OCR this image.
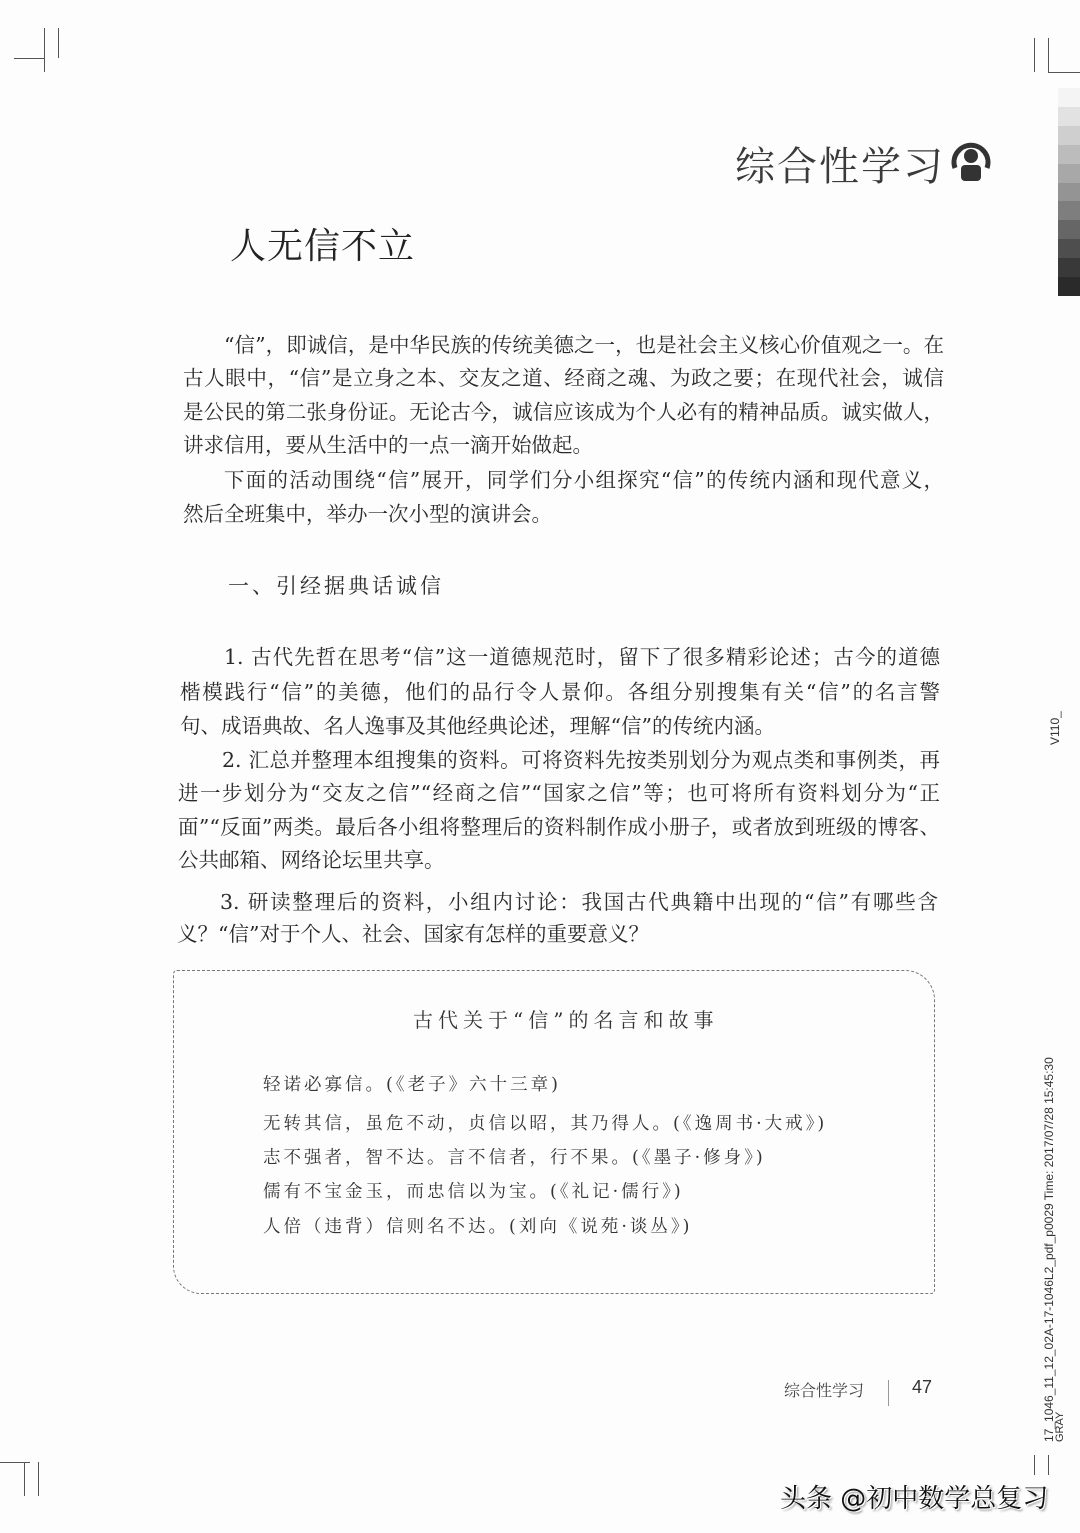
综合性学习
人无信不立
“信”，即诚信，是中华民族的传统美德之一，也是社会主义核心价值观之一。在
古人眼中，“信”是立身之本、交友之道、经商之魂、为政之要；在现代社会，诚信
是公民的第二张身份证。无论古今，诚信应该成为个人必有的精神品质。诚实做人，
讲求信用，要从生活中的一点一滴开始做起。
下面的活动围绕“信”展开，同学们分小组探究“信”的传统内涵和现代意义，
然后全班集中，举办一次小型的演讲会。
一、引经据典话诚信
1. 古代先哲在思考“信”这一道德规范时，留下了很多精彩论述；古今的道德
楷模践行“信”的美德，他们的品行令人景仰。各组分别搜集有关“信”的名言警
句、成语典故、名人逸事及其他经典论述，理解“信”的传统内涵。
2. 汇总并整理本组搜集的资料。可将资料先按类别划分为观点类和事例类，再
进一步划分为“交友之信”“经商之信”“国家之信”等；也可将所有资料划分为“正
面”“反面”两类。最后各小组将整理后的资料制作成小册子，或者放到班级的博客、
公共邮箱、网络论坛里共享。
3. 研读整理后的资料，小组内讨论：我国古代典籍中出现的“信”有哪些含
义？“信”对于个人、社会、国家有怎样的重要意义？
古代关于“信”的名言和故事
轻诺必寡信。(《老子》六十三章)
无转其信，虽危不动，贞信以昭，其乃得人。(《逸周书·大戒》)
志不强者，智不达。言不信者，行不果。(《墨子·修身》)
儒有不宝金玉，而忠信以为宝。(《礼记·儒行》)
人倍（违背）信则名不达。(刘向《说苑·谈丛》)
综合性学习	47
V110_
17_1046_11_12_02A-17-1046L2_pdf_p0029 Time: 2017/07/28 15:45:30
GRAY
头条 @初中数学总复习
